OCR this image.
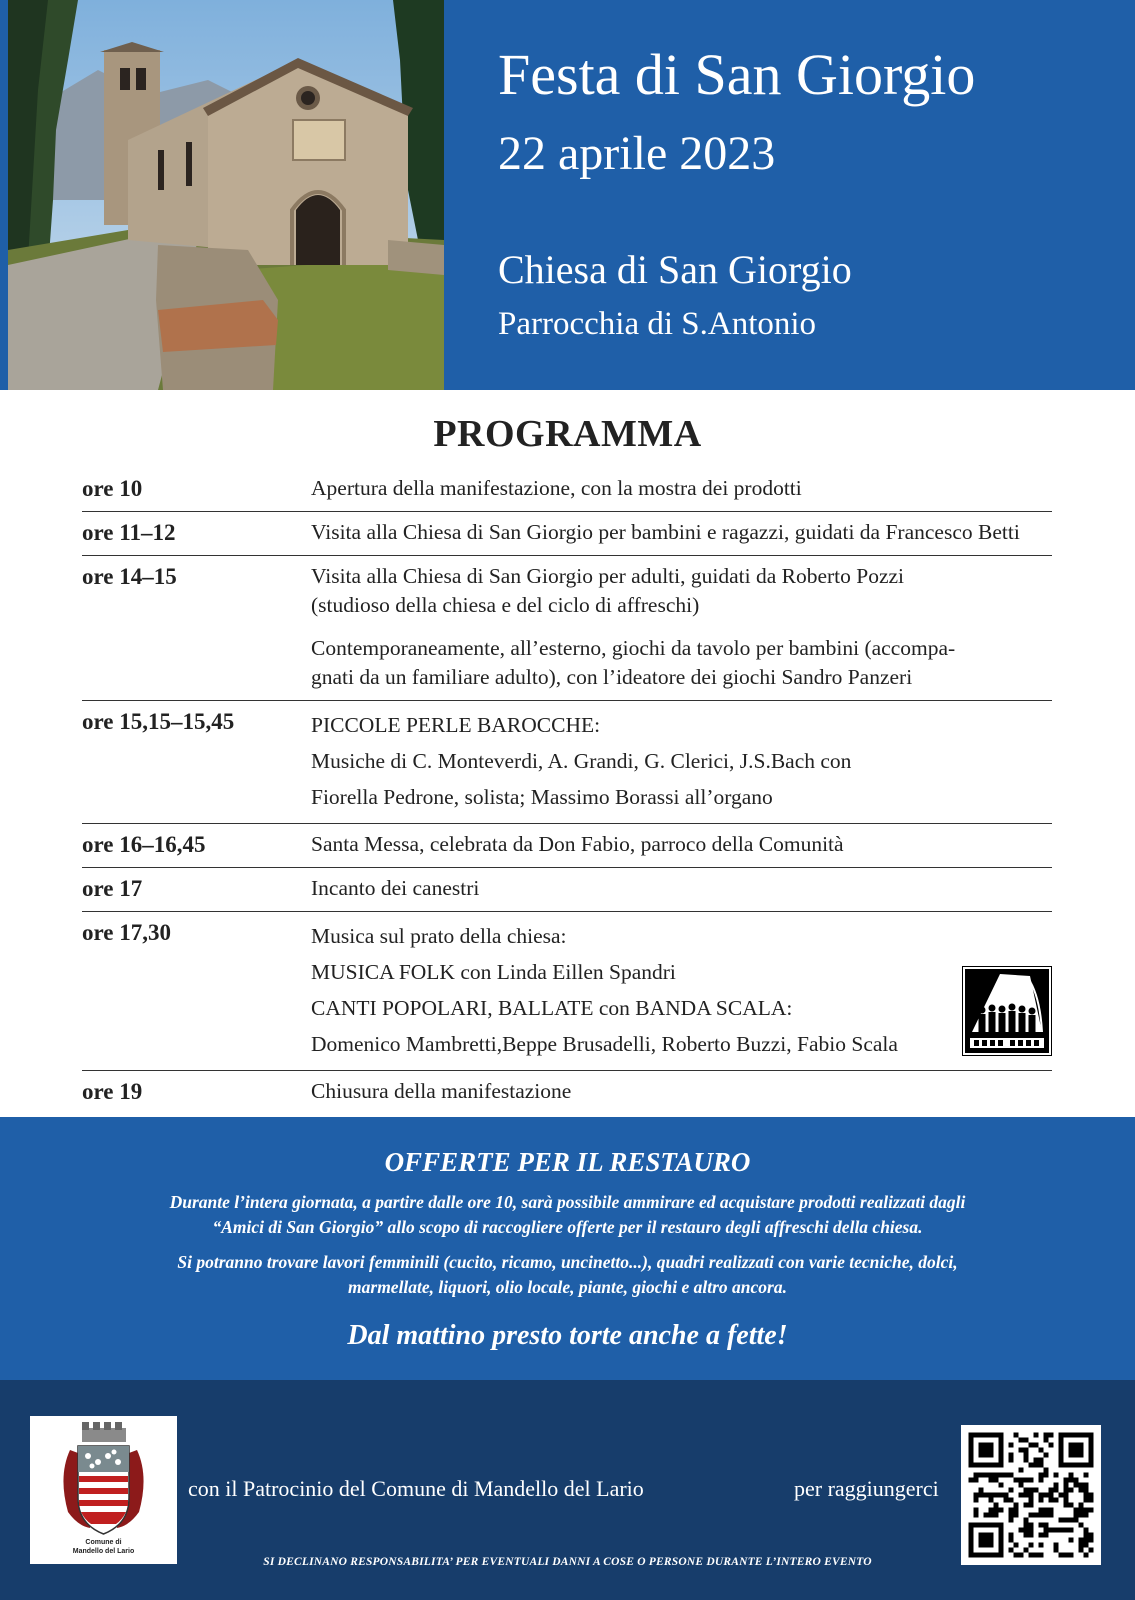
Festa di San Giorgio
22 aprile 2023
Chiesa di San Giorgio
Parrocchia di S.Antonio
PROGRAMMA
ore 10	Apertura della manifestazione, con la mostra dei prodotti

ore 11–12	Visita alla Chiesa di San Giorgio per bambini e ragazzi, guidati da Francesco Betti

ore 14–15	Visita alla Chiesa di San Giorgio per adulti, guidati da Roberto Pozzi

(studioso della chiesa e del ciclo di affreschi)

Contemporaneamente, all’esterno, giochi da tavolo per bambini (accompa-

gnati da un familiare adulto), con l’ideatore dei giochi Sandro Panzeri

ore 15,15–15,45	PICCOLE PERLE BAROCCHE:

Musiche di C. Monteverdi, A. Grandi, G. Clerici, J.S.Bach con

Fiorella Pedrone, solista; Massimo Borassi all’organo

ore 16–16,45	Santa Messa, celebrata da Don Fabio, parroco della Comunità

ore 17	Incanto dei canestri

ore 17,30	Musica sul prato della chiesa:

MUSICA FOLK con Linda Eillen Spandri

CANTI POPOLARI, BALLATE con BANDA SCALA:

Domenico Mambretti,Beppe Brusadelli, Roberto Buzzi, Fabio Scala

ore 19	Chiusura della manifestazione

OFFERTE PER IL RESTAURO
Durante l’intera giornata, a partire dalle ore 10, sarà possibile ammirare ed acquistare prodotti realizzati dagli
“Amici di San Giorgio” allo scopo di raccogliere offerte per il restauro degli affreschi della chiesa.
Si potranno trovare lavori femminili (cucito, ricamo, uncinetto...), quadri realizzati con varie tecniche, dolci,
marmellate, liquori, olio locale, piante, giochi e altro ancora.
Dal mattino presto torte anche a fette!
Comune di
Mandello del Lario
con il Patrocinio del Comune di Mandello del Lario	per raggiungerci
SI DECLINANO RESPONSABILITA’ PER EVENTUALI DANNI A COSE O PERSONE DURANTE L’INTERO EVENTO
